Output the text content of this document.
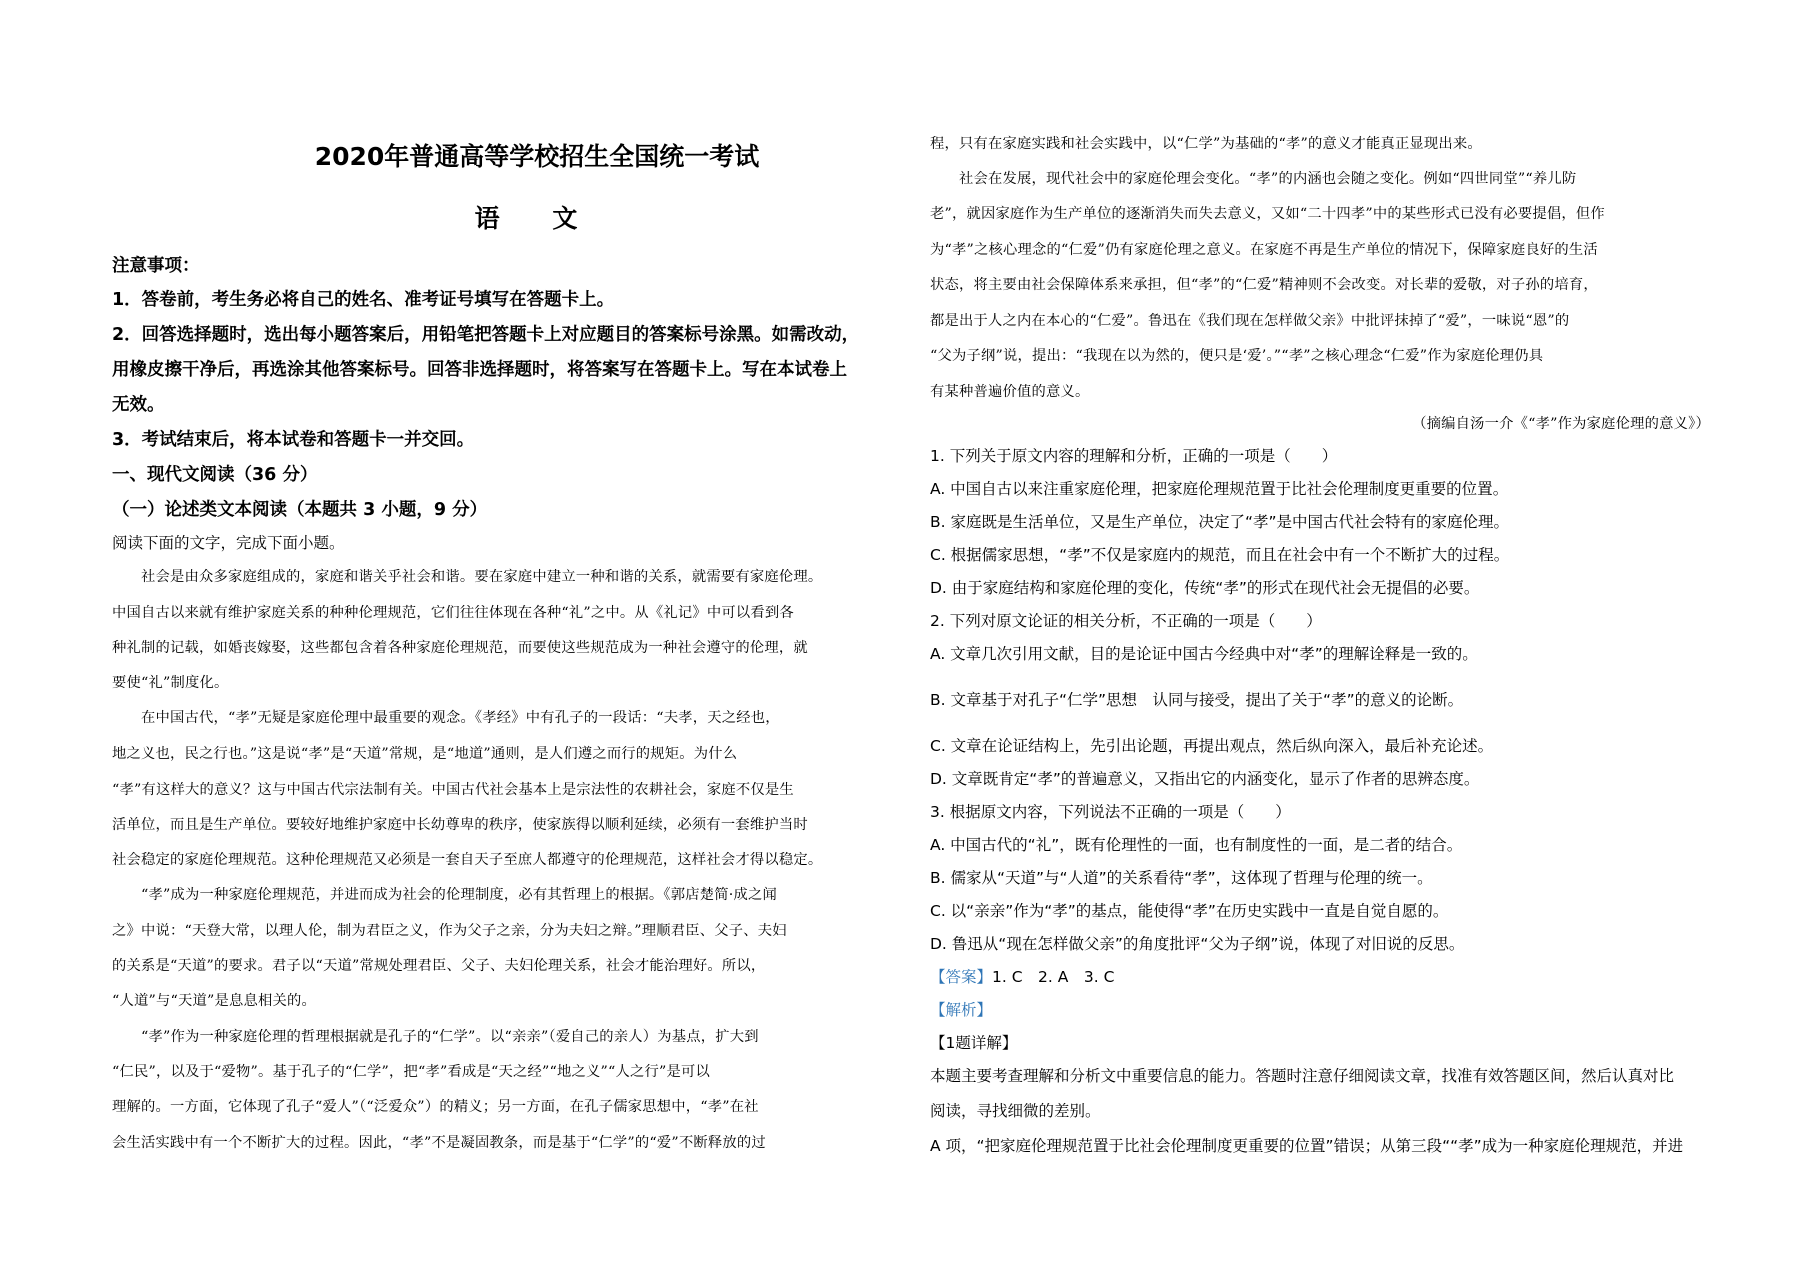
2020年普通高等学校招生全国统一考试
语 文
注意事项：
1．答卷前，考生务必将自己的姓名、准考证号填写在答题卡上。
2．回答选择题时，选出每小题答案后，用铅笔把答题卡上对应题目的答案标号涂黑。如需改动，
用橡皮擦干净后，再选涂其他答案标号。回答非选择题时，将答案写在答题卡上。写在本试卷上
无效。
3．考试结束后，将本试卷和答题卡一并交回。
一、现代文阅读（36 分）
（一）论述类文本阅读（本题共 3 小题，9 分）
阅读下面的文字，完成下面小题。
　　社会是由众多家庭组成的，家庭和谐关乎社会和谐。要在家庭中建立一种和谐的关系，就需要有家庭伦理。
中国自古以来就有维护家庭关系的种种伦理规范，它们往往体现在各种“礼”之中。从《礼记》中可以看到各
种礼制的记载，如婚丧嫁娶，这些都包含着各种家庭伦理规范，而要使这些规范成为一种社会遵守的伦理，就
要使“礼”制度化。
　　在中国古代，“孝”无疑是家庭伦理中最重要的观念。《孝经》中有孔子的一段话：“夫孝，天之经也，
地之义也，民之行也。”这是说“孝”是“天道”常规，是“地道”通则，是人们遵之而行的规矩。为什么
“孝”有这样大的意义？这与中国古代宗法制有关。中国古代社会基本上是宗法性的农耕社会，家庭不仅是生
活单位，而且是生产单位。要较好地维护家庭中长幼尊卑的秩序，使家族得以顺利延续，必须有一套维护当时
社会稳定的家庭伦理规范。这种伦理规范又必须是一套自天子至庶人都遵守的伦理规范，这样社会才得以稳定。
　　“孝”成为一种家庭伦理规范，并进而成为社会的伦理制度，必有其哲理上的根据。《郭店楚简·成之闻
之》中说：“天登大常，以理人伦，制为君臣之义，作为父子之亲，分为夫妇之辩。”理顺君臣、父子、夫妇
的关系是“天道”的要求。君子以“天道”常规处理君臣、父子、夫妇伦理关系，社会才能治理好。所以，
“人道”与“天道”是息息相关的。
　　“孝”作为一种家庭伦理的哲理根据就是孔子的“仁学”。以“亲亲”（爱自己的亲人）为基点，扩大到
“仁民”，以及于“爱物”。基于孔子的“仁学”，把“孝”看成是“天之经”“地之义”“人之行”是可以
理解的。一方面，它体现了孔子“爱人”（“泛爱众”）的精义；另一方面，在孔子儒家思想中，“孝”在社
会生活实践中有一个不断扩大的过程。因此，“孝”不是凝固教条，而是基于“仁学”的“爱”不断释放的过
程，只有在家庭实践和社会实践中，以“仁学”为基础的“孝”的意义才能真正显现出来。
　　社会在发展，现代社会中的家庭伦理会变化。“孝”的内涵也会随之变化。例如“四世同堂”“养儿防
老”，就因家庭作为生产单位的逐渐消失而失去意义，又如“二十四孝”中的某些形式已没有必要提倡，但作
为“孝”之核心理念的“仁爱”仍有家庭伦理之意义。在家庭不再是生产单位的情况下，保障家庭良好的生活
状态，将主要由社会保障体系来承担，但“孝”的“仁爱”精神则不会改变。对长辈的爱敬，对子孙的培育，
都是出于人之内在本心的“仁爱”。鲁迅在《我们现在怎样做父亲》中批评抹掉了“爱”，一味说“恩”的
“父为子纲”说，提出：“我现在以为然的，便只是‘爱’。”“孝”之核心理念“仁爱”作为家庭伦理仍具
有某种普遍价值的意义。
（摘编自汤一介《“孝”作为家庭伦理的意义》）
1. 下列关于原文内容的理解和分析，正确的一项是（　　）
A. 中国自古以来注重家庭伦理，把家庭伦理规范置于比社会伦理制度更重要的位置。
B. 家庭既是生活单位，又是生产单位，决定了“孝”是中国古代社会特有的家庭伦理。
C. 根据儒家思想，“孝”不仅是家庭内的规范，而且在社会中有一个不断扩大的过程。
D. 由于家庭结构和家庭伦理的变化，传统“孝”的形式在现代社会无提倡的必要。
2. 下列对原文论证的相关分析，不正确的一项是（　　）
A. 文章几次引用文献，目的是论证中国古今经典中对“孝”的理解诠释是一致的。
B. 文章基于对孔子“仁学”思想　认同与接受，提出了关于“孝”的意义的论断。
C. 文章在论证结构上，先引出论题，再提出观点，然后纵向深入，最后补充论述。
D. 文章既肯定“孝”的普遍意义，又指出它的内涵变化，显示了作者的思辨态度。
3. 根据原文内容，下列说法不正确的一项是（　　）
A. 中国古代的“礼”，既有伦理性的一面，也有制度性的一面，是二者的结合。
B. 儒家从“天道”与“人道”的关系看待“孝”，这体现了哲理与伦理的统一。
C. 以“亲亲”作为“孝”的基点，能使得“孝”在历史实践中一直是自觉自愿的。
D. 鲁迅从“现在怎样做父亲”的角度批评“父为子纲”说，体现了对旧说的反思。
【答案】1. C　2. A　3. C
【解析】
【1题详解】
本题主要考查理解和分析文中重要信息的能力。答题时注意仔细阅读文章，找准有效答题区间，然后认真对比
阅读，寻找细微的差别。
A 项，“把家庭伦理规范置于比社会伦理制度更重要的位置”错误；从第三段““孝”成为一种家庭伦理规范，并进
